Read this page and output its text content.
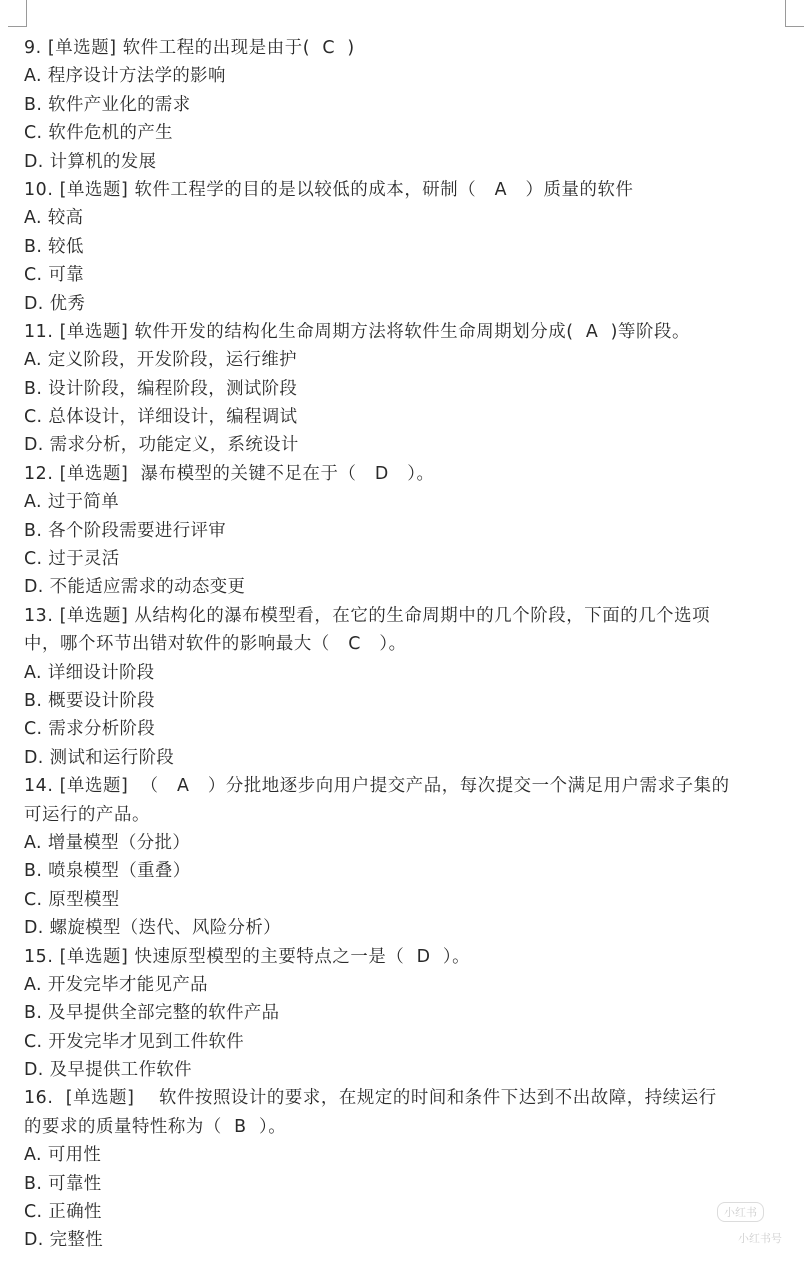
9. [单选题] 软件工程的出现是由于(  C  )
A. 程序设计方法学的影响
B. 软件产业化的需求
C. 软件危机的产生
D. 计算机的发展
10. [单选题] 软件工程学的目的是以较低的成本，研制（   A   ）质量的软件
A. 较高
B. 较低
C. 可靠
D. 优秀
11. [单选题] 软件开发的结构化生命周期方法将软件生命周期划分成(  A  )等阶段。
A. 定义阶段，开发阶段，运行维护
B. 设计阶段，编程阶段，测试阶段
C. 总体设计，详细设计，编程调试
D. 需求分析，功能定义，系统设计
12. [单选题]  瀑布模型的关键不足在于（   D   ）。
A. 过于简单
B. 各个阶段需要进行评审
C. 过于灵活
D. 不能适应需求的动态变更
13. [单选题] 从结构化的瀑布模型看，在它的生命周期中的几个阶段，下面的几个选项
中，哪个环节出错对软件的影响最大（   C   ）。
A. 详细设计阶段
B. 概要设计阶段
C. 需求分析阶段
D. 测试和运行阶段
14. [单选题]  （   A   ）分批地逐步向用户提交产品，每次提交一个满足用户需求子集的
可运行的产品。
A. 增量模型（分批）
B. 喷泉模型（重叠）
C. 原型模型
D. 螺旋模型（迭代、风险分析）
15. [单选题] 快速原型模型的主要特点之一是（  D  ）。
A. 开发完毕才能见产品
B. 及早提供全部完整的软件产品
C. 开发完毕才见到工件软件
D. 及早提供工作软件
16.  [单选题]    软件按照设计的要求，在规定的时间和条件下达到不出故障，持续运行
的要求的质量特性称为（  B  ）。
A. 可用性
B. 可靠性
C. 正确性
D. 完整性
小红书
小红书号
